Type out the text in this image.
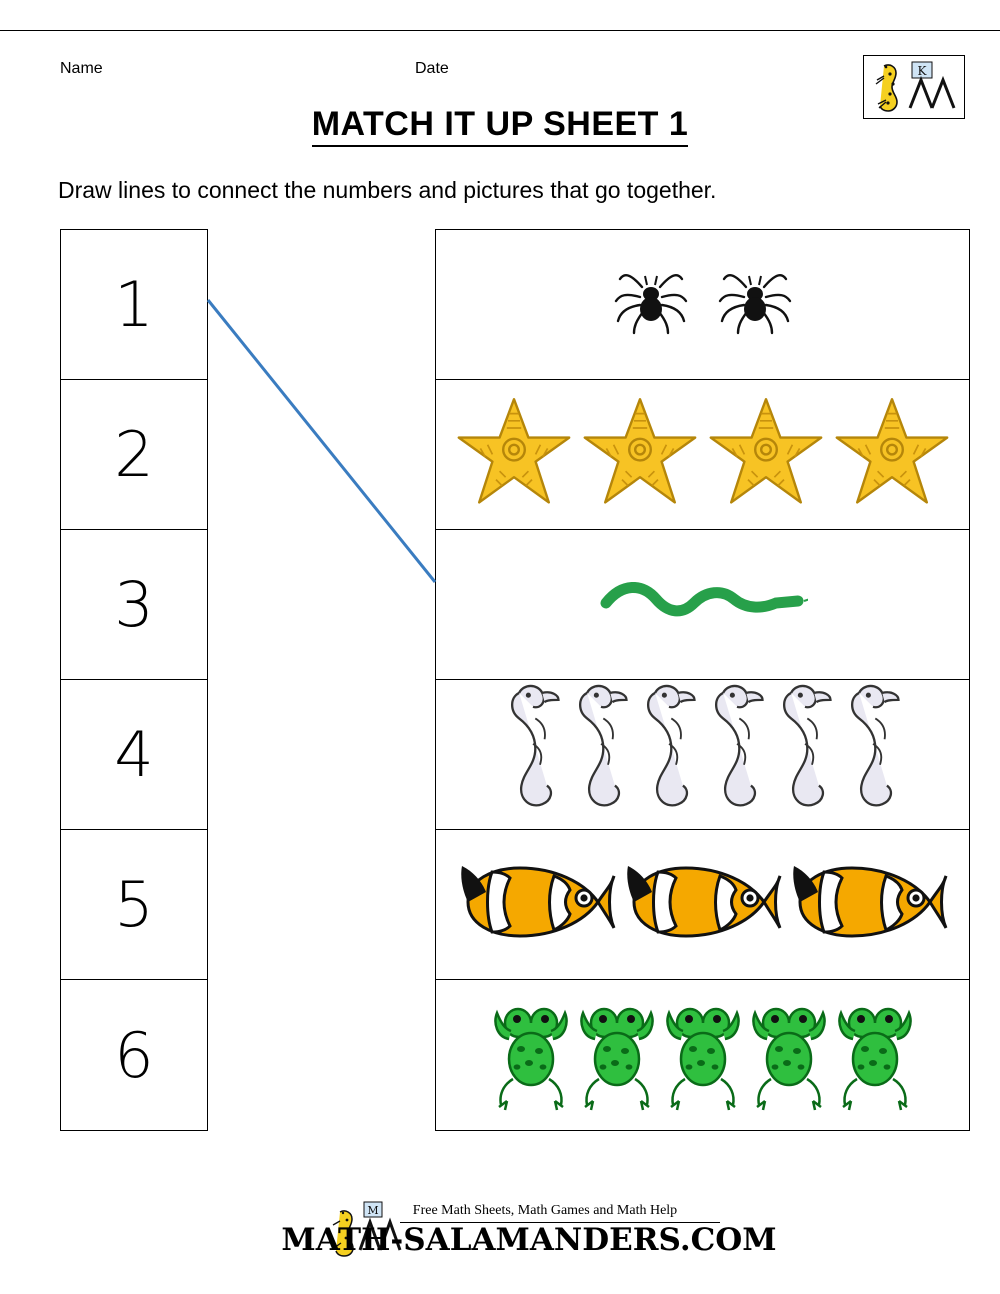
Name	Date	K
MATCH IT UP SHEET 1
Draw lines to connect the numbers and pictures that go together.
1
2
3
4
5
6
M	Free Math Sheets, Math Games and Math Help
MATH-SALAMANDERS.COM
